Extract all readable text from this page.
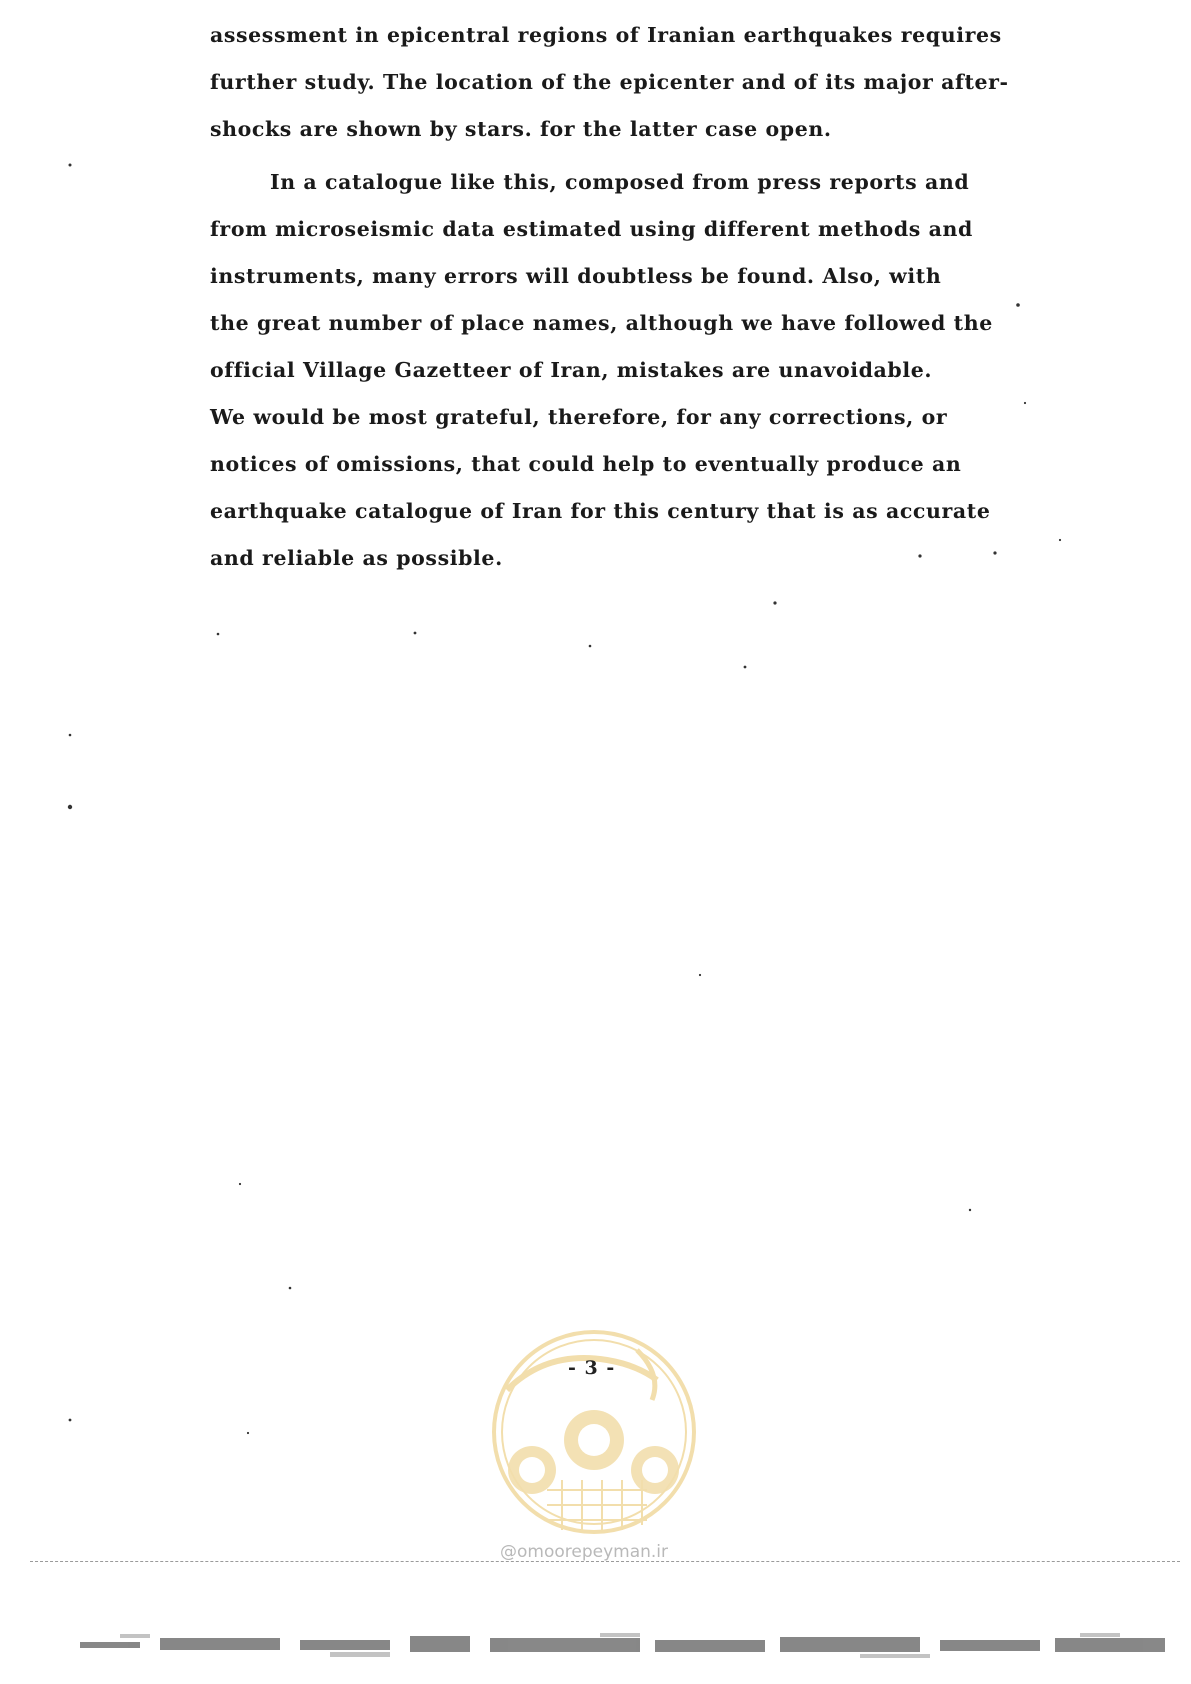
assessment in epicentral regions of Iranian earthquakes requires
further study. The location of the epicenter and of its major after-
shocks are shown by stars. for the latter case open.
In a catalogue like this, composed from press reports and
from microseismic data estimated using different methods and
instruments, many errors will doubtless be found. Also, with
the great number of place names, although we have followed the
official Village Gazetteer of Iran, mistakes are unavoidable.
We would be most grateful, therefore, for any corrections, or
notices of omissions, that could help to eventually produce an
earthquake catalogue of Iran for this century that is as accurate
and reliable as possible.
- 3 -
@omoorepeyman.ir
